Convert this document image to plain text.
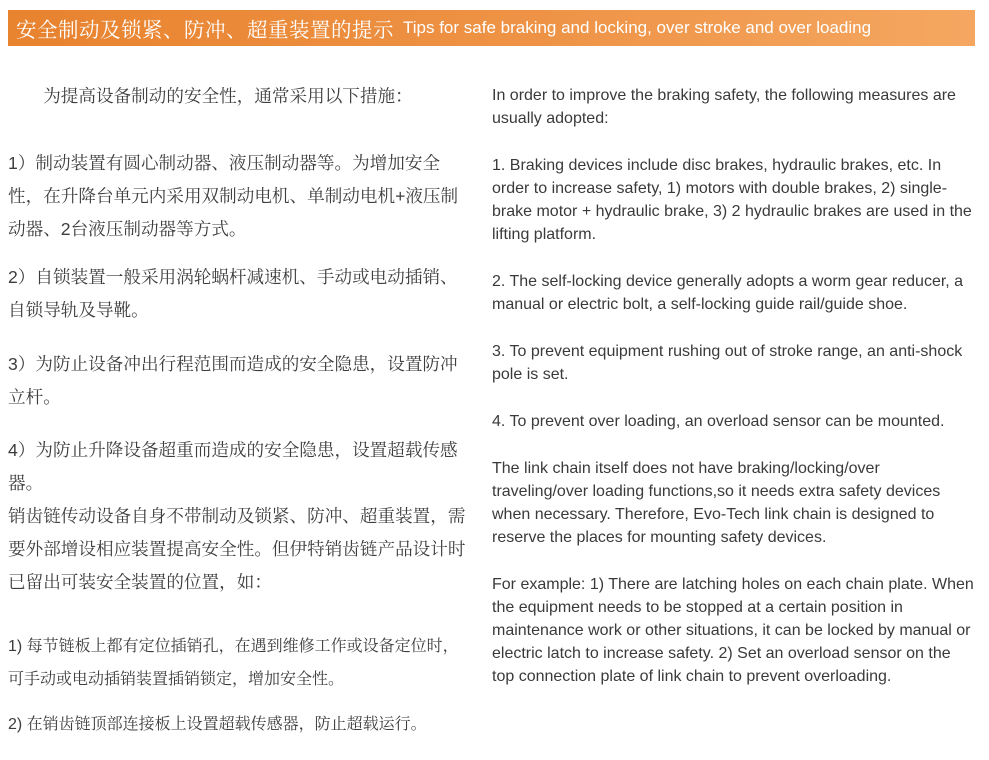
安全制动及锁紧、防冲、超重装置的提示 Tips for safe braking and locking, over stroke and over loading

为提高设备制动的安全性，通常采用以下措施：

1）制动装置有圆心制动器、液压制动器等。为增加安全性，在升降台单元内采用双制动电机、单制动电机+液压制动器、2台液压制动器等方式。

2）自锁装置一般采用涡轮蜗杆减速机、手动或电动插销、自锁导轨及导靴。

3）为防止设备冲出行程范围而造成的安全隐患，设置防冲立杆。

4）为防止升降设备超重而造成的安全隐患，设置超载传感器。

销齿链传动设备自身不带制动及锁紧、防冲、超重装置，需要外部增设相应装置提高安全性。但伊特销齿链产品设计时已留出可装安全装置的位置，如：

1) 每节链板上都有定位插销孔，在遇到维修工作或设备定位时，可手动或电动插销装置插销锁定，增加安全性。

2) 在销齿链顶部连接板上设置超载传感器，防止超载运行。

In order to improve the braking safety, the following measures are usually adopted:

1. Braking devices include disc brakes, hydraulic brakes, etc. In order to increase safety, 1) motors with double brakes, 2) single-brake motor + hydraulic brake, 3) 2 hydraulic brakes are used in the lifting platform.

2. The self-locking device generally adopts a worm gear reducer, a manual or electric bolt, a self-locking guide rail/guide shoe.

3. To prevent equipment rushing out of stroke range, an anti-shock pole is set.

4. To prevent over loading, an overload sensor can be mounted.

The link chain itself does not have braking/locking/over traveling/over loading functions,so it needs extra safety devices when necessary. Therefore, Evo-Tech link chain is designed to reserve the places for mounting safety devices.

For example: 1) There are latching holes on each chain plate. When the equipment needs to be stopped at a certain position in maintenance work or other situations, it can be locked by manual or electric latch to increase safety. 2) Set an overload sensor on the top connection plate of link chain to prevent overloading.
